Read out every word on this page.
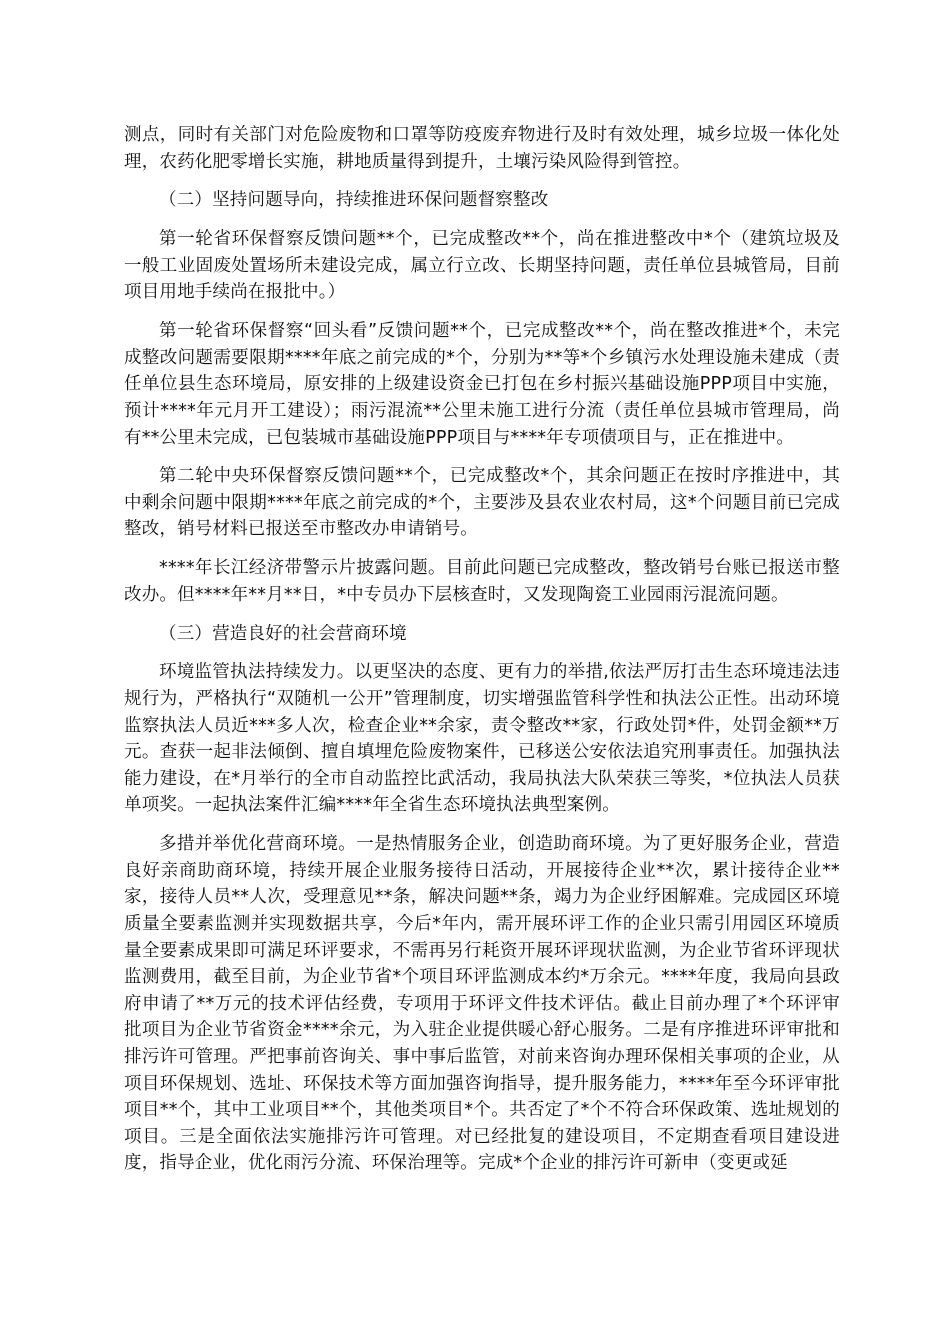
测点，同时有关部门对危险废物和口罩等防疫废弃物进行及时有效处理，城乡垃圾一体化处理，农药化肥零增长实施，耕地质量得到提升，土壤污染风险得到管控。

（二）坚持问题导向，持续推进环保问题督察整改

第一轮省环保督察反馈问题**个，已完成整改**个，尚在推进整改中*个（建筑垃圾及一般工业固废处置场所未建设完成，属立行立改、长期坚持问题，责任单位县城管局，目前项目用地手续尚在报批中。）

第一轮省环保督察“回头看”反馈问题**个，已完成整改**个，尚在整改推进*个，未完成整改问题需要限期****年底之前完成的*个，分别为**等*个乡镇污水处理设施未建成（责任单位县生态环境局，原安排的上级建设资金已打包在乡村振兴基础设施PPP项目中实施，预计****年元月开工建设）；雨污混流**公里未施工进行分流（责任单位县城市管理局，尚有**公里未完成，已包装城市基础设施PPP项目与****年专项债项目与，正在推进中。

第二轮中央环保督察反馈问题**个，已完成整改*个，其余问题正在按时序推进中，其中剩余问题中限期****年底之前完成的*个，主要涉及县农业农村局，这*个问题目前已完成整改，销号材料已报送至市整改办申请销号。

****年长江经济带警示片披露问题。目前此问题已完成整改，整改销号台账已报送市整改办。但****年**月**日，*中专员办下层核查时，又发现陶瓷工业园雨污混流问题。

（三）营造良好的社会营商环境

环境监管执法持续发力。以更坚决的态度、更有力的举措,依法严厉打击生态环境违法违规行为，严格执行“双随机一公开”管理制度，切实增强监管科学性和执法公正性。出动环境监察执法人员近***多人次，检查企业**余家，责令整改**家，行政处罚*件，处罚金额**万元。查获一起非法倾倒、擅自填埋危险废物案件，已移送公安依法追究刑事责任。加强执法能力建设，在*月举行的全市自动监控比武活动，我局执法大队荣获三等奖，*位执法人员获单项奖。一起执法案件汇编****年全省生态环境执法典型案例。

多措并举优化营商环境。一是热情服务企业，创造助商环境。为了更好服务企业，营造良好亲商助商环境，持续开展企业服务接待日活动，开展接待企业**次，累计接待企业**家，接待人员**人次，受理意见**条，解决问题**条，竭力为企业纾困解难。完成园区环境质量全要素监测并实现数据共享，今后*年内，需开展环评工作的企业只需引用园区环境质量全要素成果即可满足环评要求，不需再另行耗资开展环评现状监测，为企业节省环评现状监测费用，截至目前，为企业节省*个项目环评监测成本约*万余元。****年度，我局向县政府申请了**万元的技术评估经费，专项用于环评文件技术评估。截止目前办理了*个环评审批项目为企业节省资金****余元，为入驻企业提供暖心舒心服务。二是有序推进环评审批和排污许可管理。严把事前咨询关、事中事后监管，对前来咨询办理环保相关事项的企业，从项目环保规划、选址、环保技术等方面加强咨询指导，提升服务能力，****年至今环评审批项目**个，其中工业项目**个，其他类项目*个。共否定了*个不符合环保政策、选址规划的项目。三是全面依法实施排污许可管理。对已经批复的建设项目，不定期查看项目建设进度，指导企业，优化雨污分流、环保治理等。完成*个企业的排污许可新申（变更或延
